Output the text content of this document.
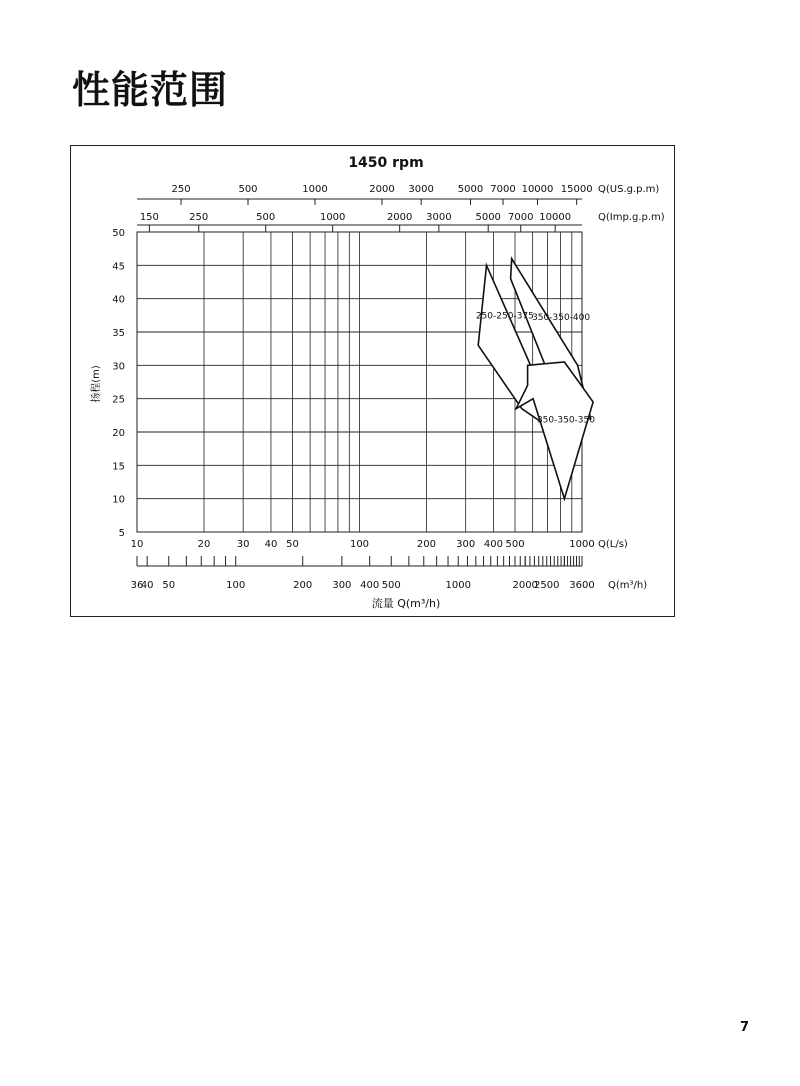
性能范围
1450 rpm
扬程(m)
流量 Q(m³/h)
5
10
15
20
25
30
35
40
45
50
250	500	1000	2000 3000 5000 7000 10000 15000 Q(US.g.p.m)
150	250	500	1000	2000 3000 5000 7000 10000	Q(Imp.g.p.m)
10	20	30 40 50	100	200 300 400 500	1000 Q(L/s)
36
40 50	100	200 300 400 500	1000	2000
2500 3600 Q(m³/h)
250-250-375
350-350-400
350-350-350
7
